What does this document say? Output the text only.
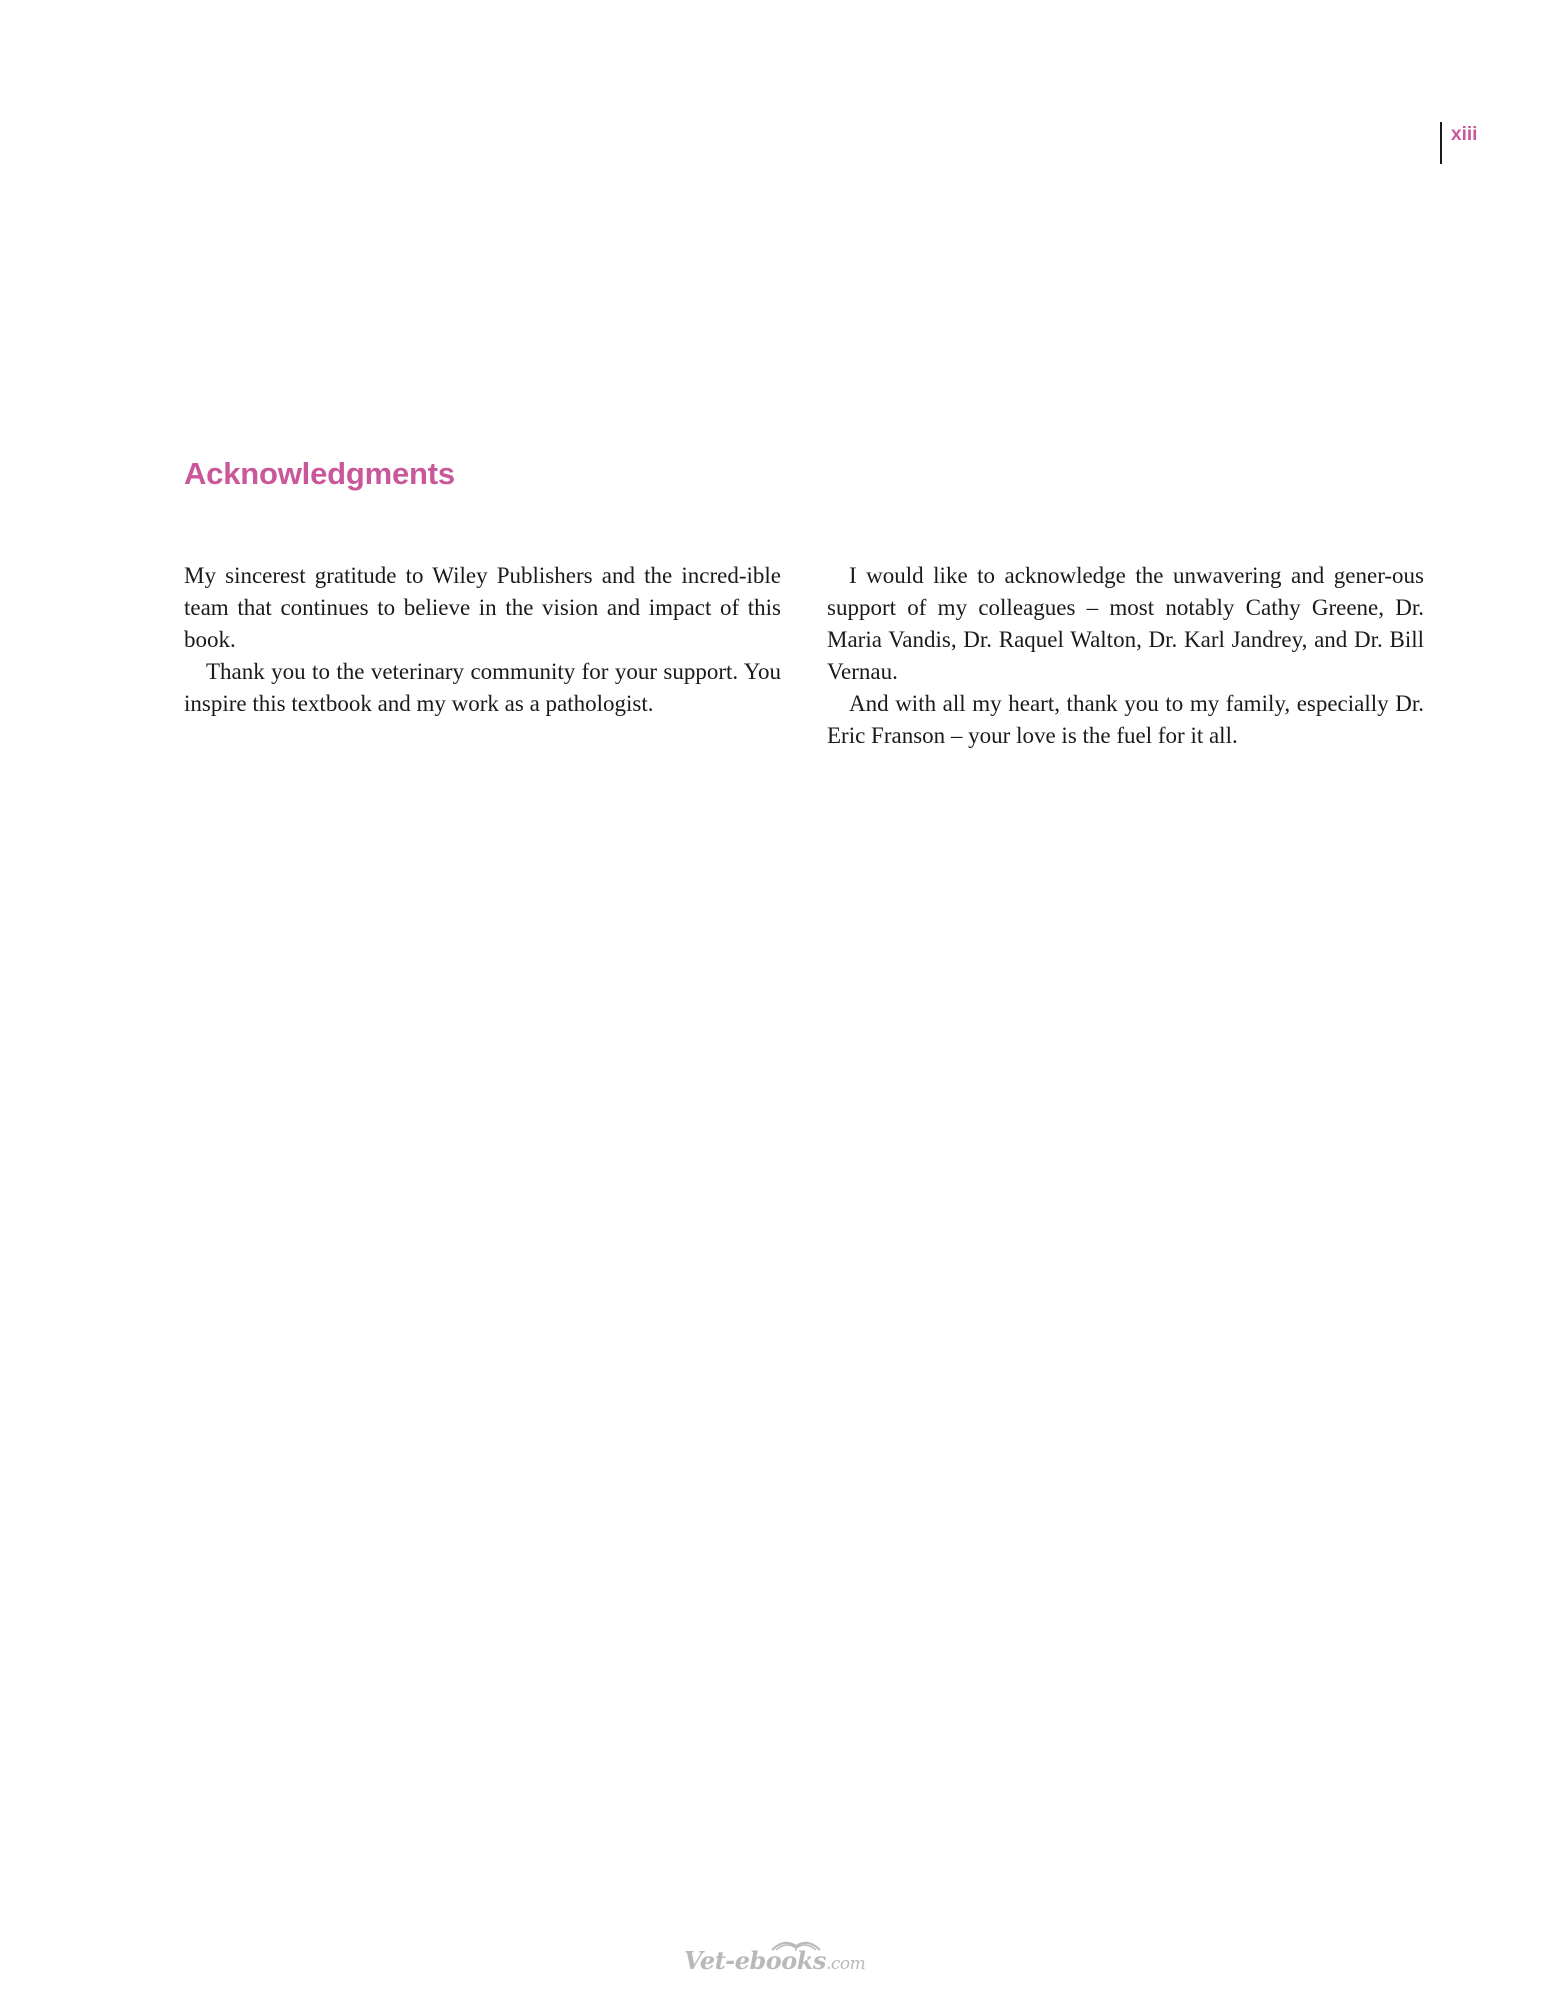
xiii
Acknowledgments

My sincerest gratitude to Wiley Publishers and the incred-ible team that continues to believe in the vision and impact of this book.

Thank you to the veterinary community for your support. You inspire this textbook and my work as a pathologist.

I would like to acknowledge the unwavering and gener-ous support of my colleagues – most notably Cathy Greene, Dr. Maria Vandis, Dr. Raquel Walton, Dr. Karl Jandrey, and Dr. Bill Vernau.

And with all my heart, thank you to my family, especially Dr. Eric Franson – your love is the fuel for it all.

Vet-ebooks.com
